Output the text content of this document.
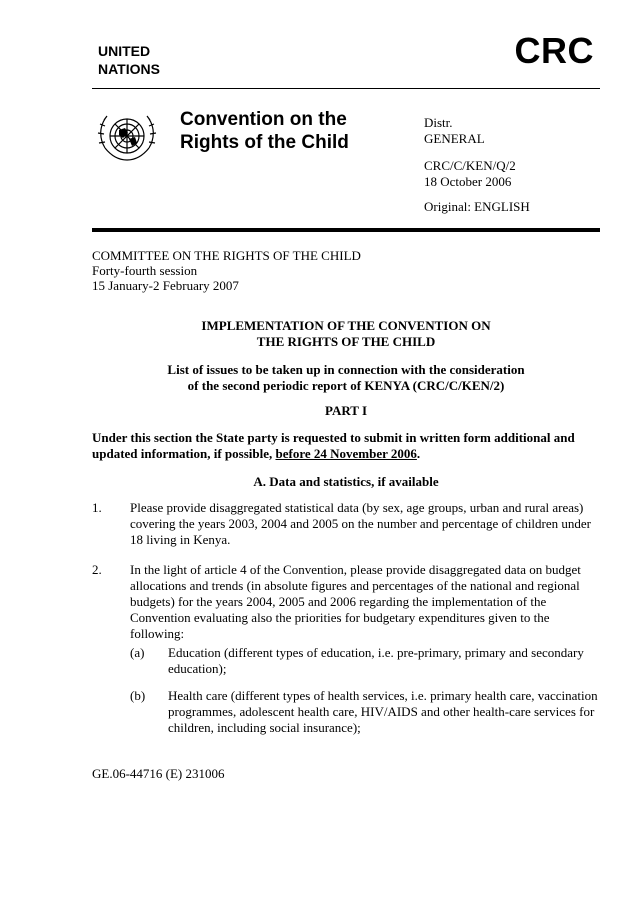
UNITED
NATIONS	CRC
Convention on the
Rights of the Child
Distr.
GENERAL
CRC/C/KEN/Q/2
18 October 2006
Original: ENGLISH
COMMITTEE ON THE RIGHTS OF THE CHILD
Forty-fourth session
15 January-2 February 2007
IMPLEMENTATION OF THE CONVENTION ON
THE RIGHTS OF THE CHILD
List of issues to be taken up in connection with the consideration
of the second periodic report of KENYA (CRC/C/KEN/2)
PART I
Under this section the State party is requested to submit in written form additional and updated information, if possible, before 24 November 2006.
A. Data and statistics, if available
1. Please provide disaggregated statistical data (by sex, age groups, urban and rural areas) covering the years 2003, 2004 and 2005 on the number and percentage of children under 18 living in Kenya.
2. In the light of article 4 of the Convention, please provide disaggregated data on budget allocations and trends (in absolute figures and percentages of the national and regional budgets) for the years 2004, 2005 and 2006 regarding the implementation of the Convention evaluating also the priorities for budgetary expenditures given to the following:
(a) Education (different types of education, i.e. pre-primary, primary and secondary education);
(b) Health care (different types of health services, i.e. primary health care, vaccination programmes, adolescent health care, HIV/AIDS and other health-care services for children, including social insurance);
GE.06-44716 (E) 231006
